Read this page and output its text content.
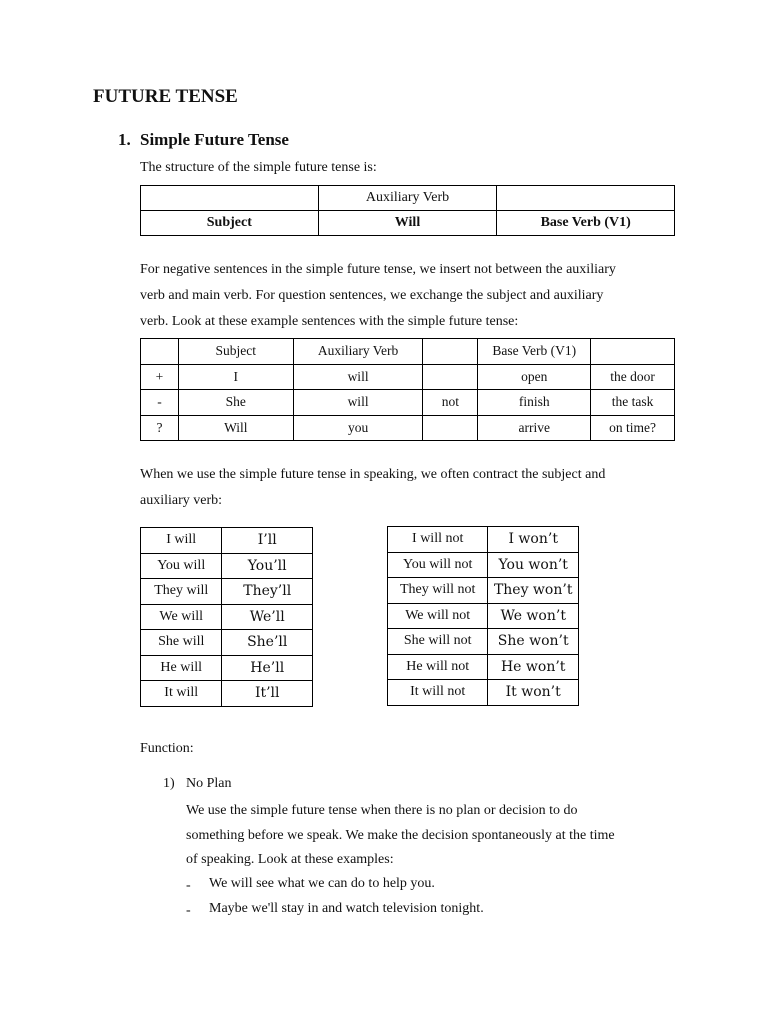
FUTURE TENSE
1. Simple Future Tense
The structure of the simple future tense is:
	Auxiliary Verb	
Subject	Will	Base Verb (V1)
For negative sentences in the simple future tense, we insert not between the auxiliary
verb and main verb. For question sentences, we exchange the subject and auxiliary
verb. Look at these example sentences with the simple future tense:
	Subject	Auxiliary Verb		Base Verb (V1)	
+	I	will		open	the door
-	She	will	not	finish	the task
?	Will	you		arrive	on time?
When we use the simple future tense in speaking, we often contract the subject and
auxiliary verb:
I will	I’ll
You will	You’ll
They will	They’ll
We will	We’ll
She will	She’ll
He will	He’ll
It will	It’ll
I will not	I won’t
You will not	You won’t
They will not	They won’t
We will not	We won’t
She will not	She won’t
He will not	He won’t
It will not	It won’t
Function:
1) No Plan
We use the simple future tense when there is no plan or decision to do
something before we speak. We make the decision spontaneously at the time
of speaking. Look at these examples:
- We will see what we can do to help you.
- Maybe we'll stay in and watch television tonight.
